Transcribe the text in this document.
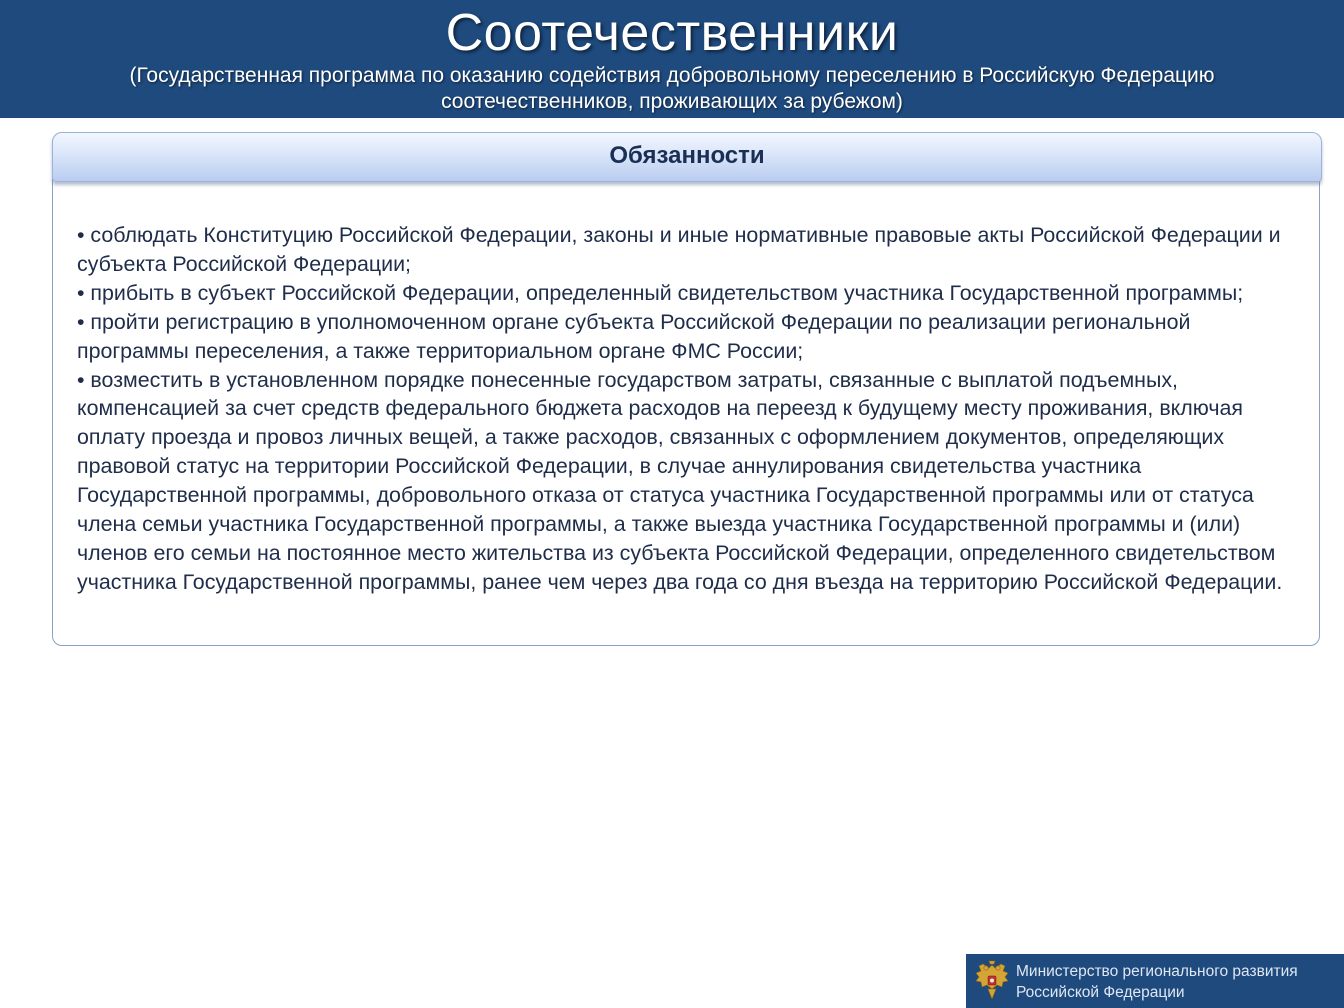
Соотечественники
(Государственная программа по оказанию содействия добровольному переселению в Российскую Федерацию соотечественников, проживающих за рубежом)
Обязанности
• соблюдать Конституцию Российской Федерации, законы и иные нормативные правовые акты Российской Федерации и субъекта Российской Федерации;
• прибыть в субъект Российской Федерации, определенный свидетельством участника Государственной программы;
• пройти регистрацию в уполномоченном органе субъекта Российской Федерации по реализации региональной программы переселения, а также территориальном органе ФМС России;
• возместить в установленном порядке понесенные государством затраты, связанные с выплатой подъемных, компенсацией за счет средств федерального бюджета расходов на переезд к будущему месту проживания, включая оплату проезда и провоз личных вещей, а также расходов, связанных с оформлением документов, определяющих правовой статус на территории Российской Федерации, в случае аннулирования свидетельства участника Государственной программы, добровольного отказа от статуса участника Государственной программы или от статуса члена семьи участника Государственной программы, а также выезда участника Государственной программы и (или) членов его семьи на постоянное место жительства из субъекта Российской Федерации, определенного свидетельством участника Государственной программы, ранее чем через два года со дня въезда на территорию Российской Федерации.
Министерство регионального развития
Российской Федерации
